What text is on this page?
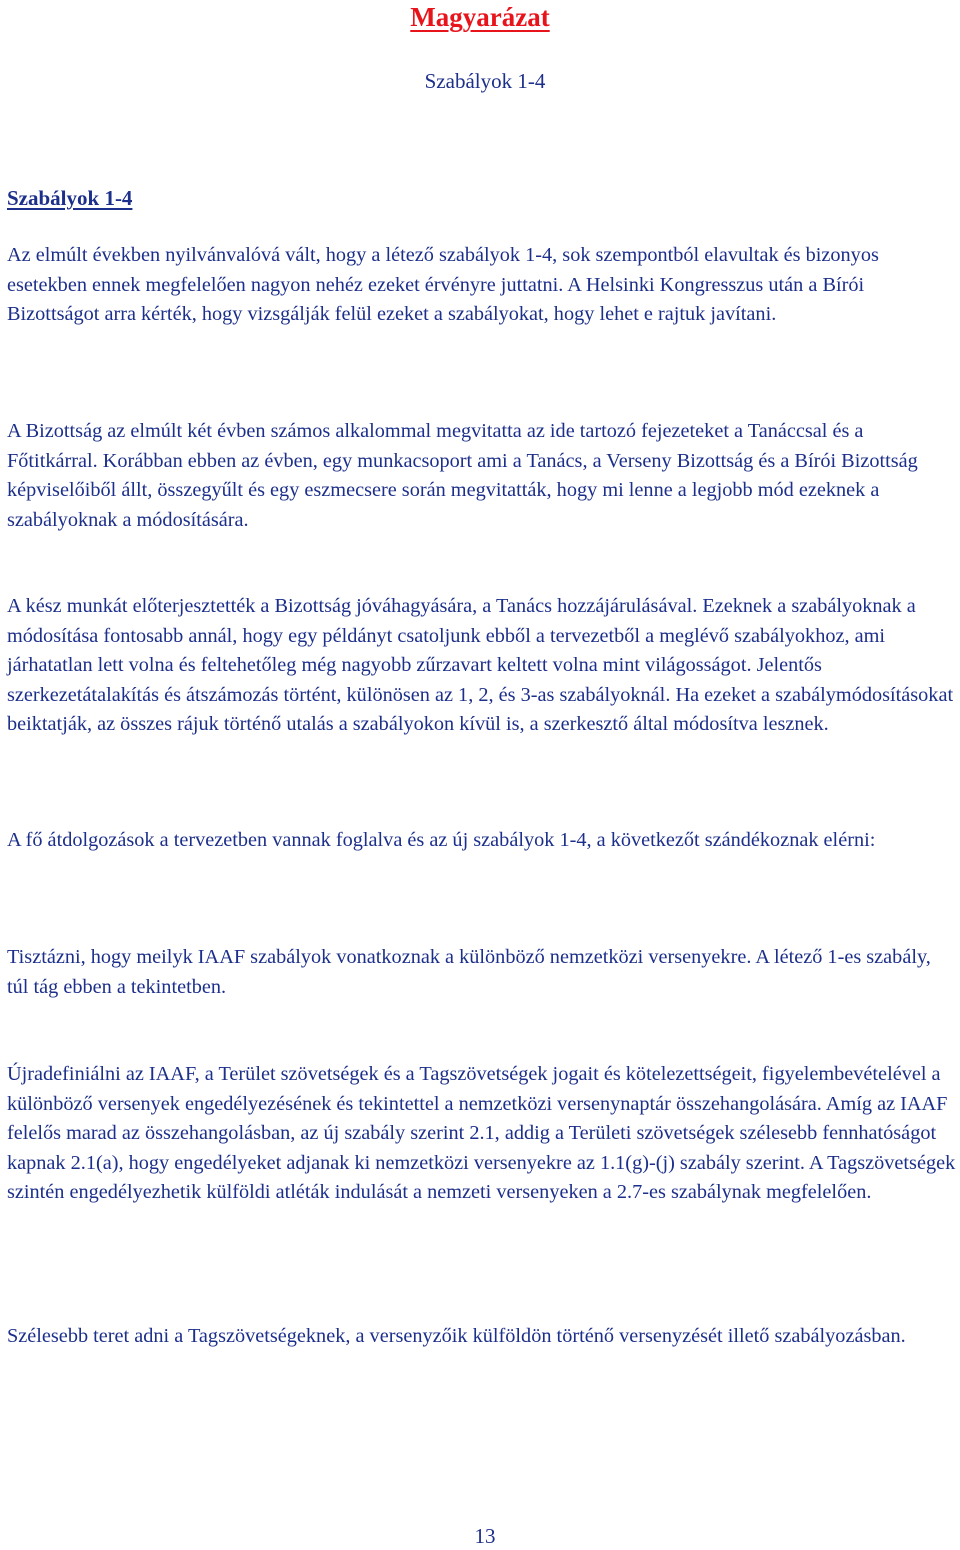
Magyarázat

Szabályok 1-4

Szabályok 1-4

Az elmúlt években nyilvánvalóvá vált, hogy a létező szabályok 1-4, sok szempontból elavultak és bizonyos esetekben ennek megfelelően nagyon nehéz ezeket érvényre juttatni. A Helsinki Kongresszus után a Bírói Bizottságot arra kérték, hogy vizsgálják felül ezeket a szabályokat, hogy lehet e rajtuk javítani.

A Bizottság az elmúlt két évben számos alkalommal megvitatta az ide tartozó fejezeteket a Tanáccsal és a Főtitkárral. Korábban ebben az évben, egy munkacsoport ami a Tanács, a Verseny Bizottság és a Bírói Bizottság képviselőiből állt, összegyűlt és egy eszmecsere során megvitatták, hogy mi lenne a legjobb mód ezeknek a szabályoknak a módosítására.

A kész munkát előterjesztették a Bizottság jóváhagyására, a Tanács hozzájárulásával. Ezeknek a szabályoknak a módosítása fontosabb annál, hogy egy példányt csatoljunk ebből a tervezetből a meglévő szabályokhoz, ami járhatatlan lett volna és feltehetőleg még nagyobb zűrzavart keltett volna mint világosságot. Jelentős szerkezetátalakítás és átszámozás történt, különösen az 1, 2, és 3-as szabályoknál. Ha ezeket a szabálymódosításokat beiktatják, az összes rájuk történő utalás a szabályokon kívül is, a szerkesztő által módosítva lesznek.

A fő átdolgozások a tervezetben vannak foglalva és az új szabályok 1-4, a következőt szándékoznak elérni:

Tisztázni, hogy meilyk IAAF szabályok vonatkoznak a különböző nemzetközi versenyekre. A létező 1-es szabály, túl tág ebben a tekintetben.

Újradefiniálni az IAAF, a Terület szövetségek és a Tagszövetségek jogait és kötelezettségeit, figyelembevételével a különböző versenyek engedélyezésének és tekintettel a nemzetközi versenynaptár összehangolására. Amíg az IAAF felelős marad az összehangolásban, az új szabály szerint 2.1, addig a Területi szövetségek szélesebb fennhatóságot kapnak 2.1(a), hogy engedélyeket adjanak ki nemzetközi versenyekre az 1.1(g)-(j) szabály szerint. A Tagszövetségek szintén engedélyezhetik külföldi atléták indulását a nemzeti versenyeken a 2.7-es szabálynak megfelelően.

Szélesebb teret adni a Tagszövetségeknek, a versenyzőik külföldön történő versenyzését illető szabályozásban.

13
